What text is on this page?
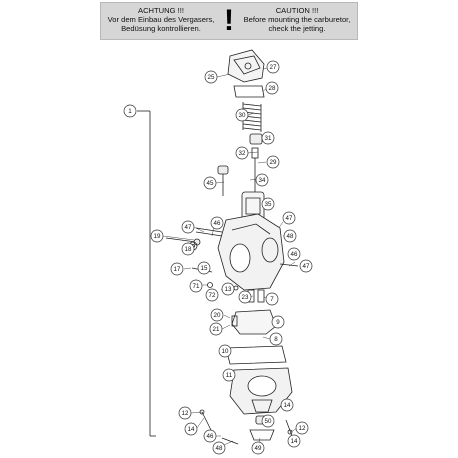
ACHTUNG !!!
Vor dem Einbau des Vergasers,
Bedüsung kontrollieren. !	CAUTION !!!
Before mounting the carburetor,
check the jetting.
1
25
27
28
30
31
32
29
45	34
35
47
46
19
18
47
48
46
47
17	15
71
72
13
23	7
20
9
21
8
10
11
14
12
50
14
46
12
14
48	49
